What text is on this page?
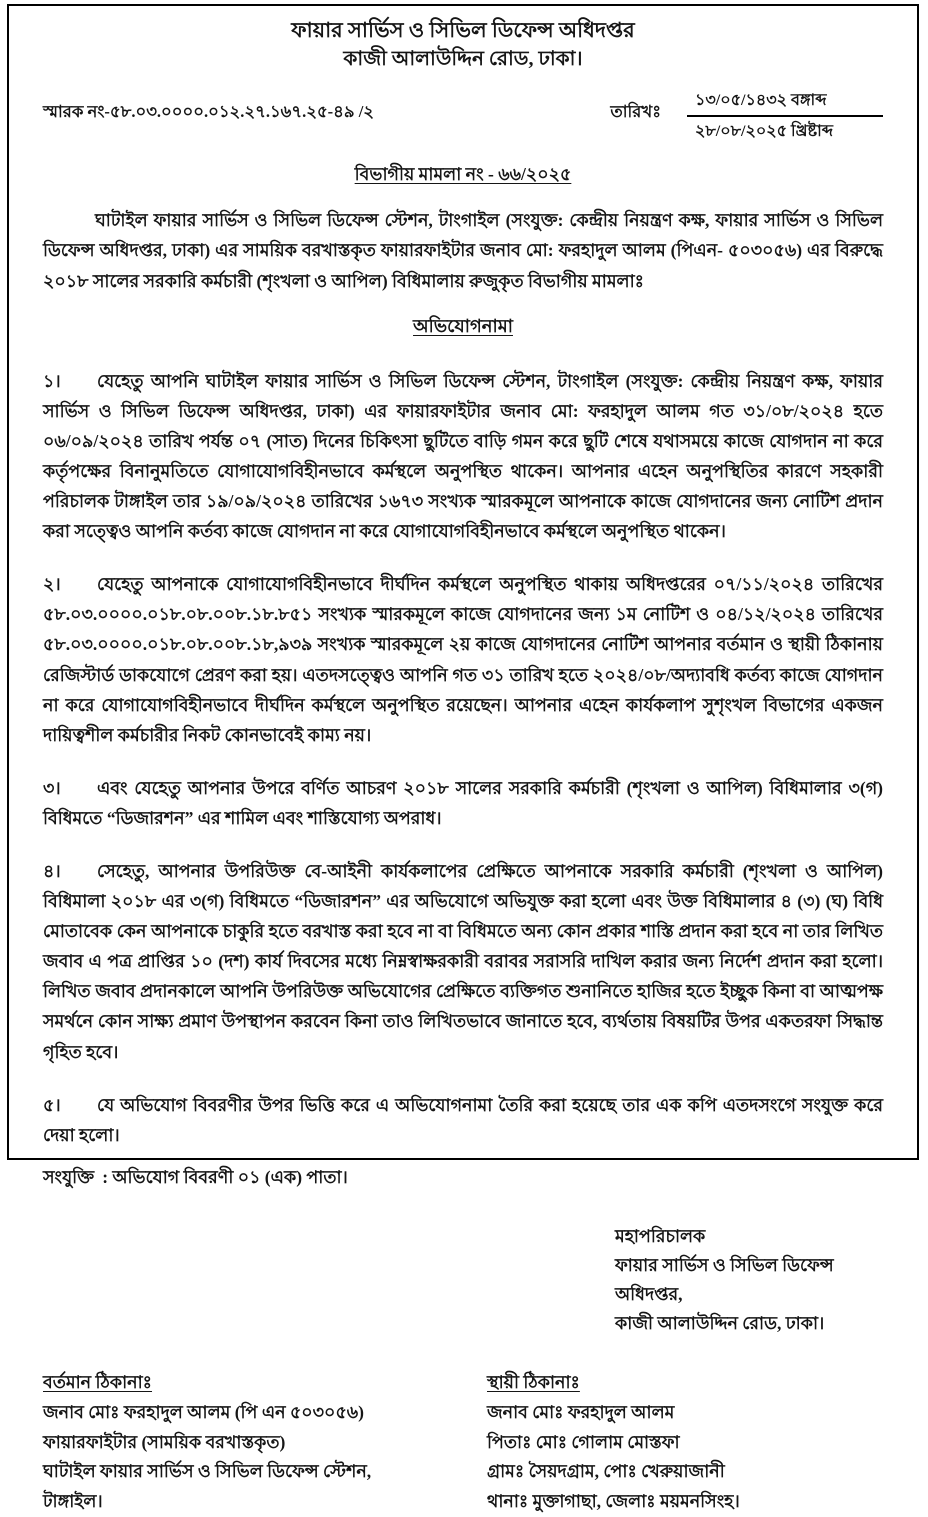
ফায়ার সার্ভিস ও সিভিল ডিফেন্স অধিদপ্তর
কাজী আলাউদ্দিন রোড, ঢাকা।
স্মারক নং-৫৮.০৩.০০০০.০১২.২৭.১৬৭.২৫-৪৯ /২	তারিখঃ
১৩/০৫/১৪৩২ বঙ্গাব্দ
২৮/০৮/২০২৫ খ্রিষ্টাব্দ
বিভাগীয় মামলা নং - ৬৬/২০২৫

ঘাটাইল ফায়ার সার্ভিস ও সিভিল ডিফেন্স স্টেশন, টাংগাইল (সংযুক্ত: কেন্দ্রীয় নিয়ন্ত্রণ কক্ষ, ফায়ার সার্ভিস ও সিভিল ডিফেন্স অধিদপ্তর, ঢাকা) এর সাময়িক বরখাস্তকৃত ফায়ারফাইটার জনাব মো: ফরহাদুল আলম (পিএন- ৫০৩০৫৬) এর বিরুদ্ধে ২০১৮ সালের সরকারি কর্মচারী (শৃংখলা ও আপিল) বিধিমালায় রুজুকৃত বিভাগীয় মামলাঃ

অভিযোগনামা

১। যেহেতু আপনি ঘাটাইল ফায়ার সার্ভিস ও সিভিল ডিফেন্স স্টেশন, টাংগাইল (সংযুক্ত: কেন্দ্রীয় নিয়ন্ত্রণ কক্ষ, ফায়ার সার্ভিস ও সিভিল ডিফেন্স অধিদপ্তর, ঢাকা) এর ফায়ারফাইটার জনাব মো: ফরহাদুল আলম গত ৩১/০৮/২০২৪ হতে ০৬/০৯/২০২৪ তারিখ পর্যন্ত ০৭ (সাত) দিনের চিকিৎসা ছুটিতে বাড়ি গমন করে ছুটি শেষে যথাসময়ে কাজে যোগদান না করে কর্তৃপক্ষের বিনানুমতিতে যোগাযোগবিহীনভাবে কর্মস্থলে অনুপস্থিত থাকেন। আপনার এহেন অনুপস্থিতির কারণে সহকারী পরিচালক টাঙ্গাইল তার ১৯/০৯/২০২৪ তারিখের ১৬৭৩ সংখ্যক স্মারকমূলে আপনাকে কাজে যোগদানের জন্য নোটিশ প্রদান করা সত্ত্বেও আপনি কর্তব্য কাজে যোগদান না করে যোগাযোগবিহীনভাবে কর্মস্থলে অনুপস্থিত থাকেন।

২। যেহেতু আপনাকে যোগাযোগবিহীনভাবে দীর্ঘদিন কর্মস্থলে অনুপস্থিত থাকায় অধিদপ্তরের ০৭/১১/২০২৪ তারিখের ৫৮.০৩.০০০০.০১৮.০৮.০০৮.১৮.৮৫১ সংখ্যক স্মারকমূলে কাজে যোগদানের জন্য ১ম নোটিশ ও ০৪/১২/২০২৪ তারিখের ৫৮.০৩.০০০০.০১৮.০৮.০০৮.১৮,৯৩৯ সংখ্যক স্মারকমূলে ২য় কাজে যোগদানের নোটিশ আপনার বর্তমান ও স্থায়ী ঠিকানায় রেজিস্টার্ড ডাকযোগে প্রেরণ করা হয়। এতদসত্ত্বেও আপনি গত ৩১ তারিখ হতে ২০২৪/০৮/অদ্যাবধি কর্তব্য কাজে যোগদান না করে যোগাযোগবিহীনভাবে দীর্ঘদিন কর্মস্থলে অনুপস্থিত রয়েছেন। আপনার এহেন কার্যকলাপ সুশৃংখল বিভাগের একজন দায়িত্বশীল কর্মচারীর নিকট কোনভাবেই কাম্য নয়।

৩। এবং যেহেতু আপনার উপরে বর্ণিত আচরণ ২০১৮ সালের সরকারি কর্মচারী (শৃংখলা ও আপিল) বিধিমালার ৩(গ) বিধিমতে “ডিজারশন” এর শামিল এবং শাস্তিযোগ্য অপরাধ।

৪। সেহেতু, আপনার উপরিউক্ত বে-আইনী কার্যকলাপের প্রেক্ষিতে আপনাকে সরকারি কর্মচারী (শৃংখলা ও আপিল) বিধিমালা ২০১৮ এর ৩(গ) বিধিমতে “ডিজারশন” এর অভিযোগে অভিযুক্ত করা হলো এবং উক্ত বিধিমালার ৪ (৩) (ঘ) বিধি মোতাবেক কেন আপনাকে চাকুরি হতে বরখাস্ত করা হবে না বা বিধিমতে অন্য কোন প্রকার শাস্তি প্রদান করা হবে না তার লিখিত জবাব এ পত্র প্রাপ্তির ১০ (দশ) কার্য দিবসের মধ্যে নিম্নস্বাক্ষরকারী বরাবর সরাসরি দাখিল করার জন্য নির্দেশ প্রদান করা হলো। লিখিত জবাব প্রদানকালে আপনি উপরিউক্ত অভিযোগের প্রেক্ষিতে ব্যক্তিগত শুনানিতে হাজির হতে ইচ্ছুক কিনা বা আত্মপক্ষ সমর্থনে কোন সাক্ষ্য প্রমাণ উপস্থাপন করবেন কিনা তাও লিখিতভাবে জানাতে হবে, ব্যর্থতায় বিষয়টির উপর একতরফা সিদ্ধান্ত গৃহিত হবে।

৫। যে অভিযোগ বিবরণীর উপর ভিত্তি করে এ অভিযোগনামা তৈরি করা হয়েছে তার এক কপি এতদসংগে সংযুক্ত করে দেয়া হলো।

সংযুক্তি : অভিযোগ বিবরণী ০১ (এক) পাতা।
মহাপরিচালক
ফায়ার সার্ভিস ও সিভিল ডিফেন্স অধিদপ্তর,
কাজী আলাউদ্দিন রোড, ঢাকা।
বর্তমান ঠিকানাঃ
জনাব মোঃ ফরহাদুল আলম (পি এন ৫০৩০৫৬)
ফায়ারফাইটার (সাময়িক বরখাস্তকৃত)
ঘাটাইল ফায়ার সার্ভিস ও সিভিল ডিফেন্স স্টেশন,
টাঙ্গাইল।
স্থায়ী ঠিকানাঃ
জনাব মোঃ ফরহাদুল আলম
পিতাঃ মোঃ গোলাম মোস্তফা
গ্রামঃ সৈয়দগ্রাম, পোঃ খেরুয়াজানী
থানাঃ মুক্তাগাছা, জেলাঃ ময়মনসিংহ।
